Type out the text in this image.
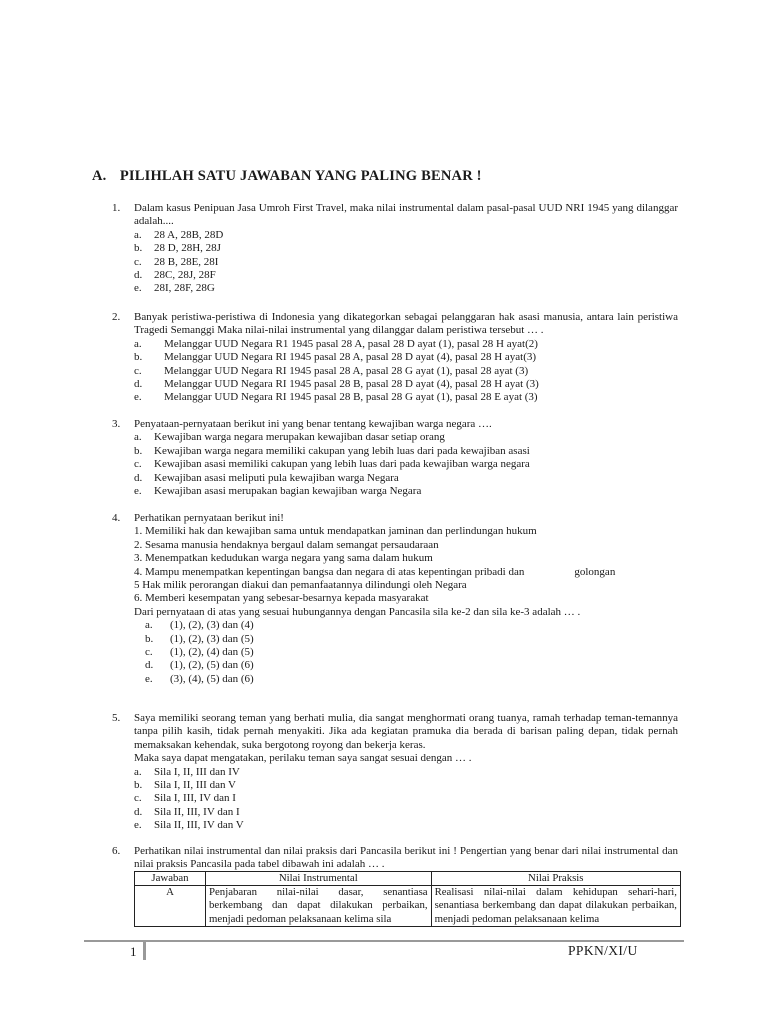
A. PILIHLAH SATU JAWABAN YANG PALING BENAR !
1. Dalam kasus Penipuan Jasa Umroh First Travel, maka nilai instrumental dalam pasal-pasal UUD NRI 1945 yang dilanggar adalah....
a. 28 A, 28B, 28D
b. 28 D, 28H, 28J
c. 28 B, 28E, 28I
d. 28C, 28J, 28F
e. 28I, 28F, 28G
2. Banyak peristiwa-peristiwa di Indonesia yang dikategorkan sebagai pelanggaran hak asasi manusia, antara lain peristiwa Tragedi Semanggi Maka nilai-nilai instrumental yang dilanggar dalam peristiwa tersebut … .
a. Melanggar UUD Negara R1 1945 pasal 28 A, pasal 28 D ayat (1), pasal 28 H ayat(2)
b. Melanggar UUD Negara RI 1945 pasal 28 A, pasal 28 D ayat (4), pasal 28 H ayat(3)
c. Melanggar UUD Negara RI 1945 pasal 28 A, pasal 28 G ayat (1), pasal 28 ayat (3)
d. Melanggar UUD Negara RI 1945 pasal 28 B, pasal 28 D ayat (4), pasal 28 H ayat (3)
e. Melanggar UUD Negara RI 1945 pasal 28 B, pasal 28 G ayat (1), pasal 28 E ayat (3)
3. Penyataan-pernyataan berikut ini yang benar tentang kewajiban warga negara ….
a. Kewajiban warga negara merupakan kewajiban dasar setiap orang
b. Kewajiban warga negara memiliki cakupan yang lebih luas dari pada kewajiban asasi
c. Kewajiban asasi memiliki cakupan yang lebih luas dari pada kewajiban warga negara
d. Kewajiban asasi meliputi pula kewajiban warga Negara
e. Kewajiban asasi merupakan bagian kewajiban warga Negara
4. Perhatikan pernyataan berikut ini!
1. Memiliki hak dan kewajiban sama untuk mendapatkan jaminan dan perlindungan hukum
2. Sesama manusia hendaknya bergaul dalam semangat persaudaraan
3. Menempatkan kedudukan warga negara yang sama dalam hukum
4. Mampu menempatkan kepentingan bangsa dan negara di atas kepentingan pribadi dan	golongan
5 Hak milik perorangan diakui dan pemanfaatannya dilindungi oleh Negara
6. Memberi kesempatan yang sebesar-besarnya kepada masyarakat
Dari pernyataan di atas yang sesuai hubungannya dengan Pancasila sila ke-2 dan sila ke-3 adalah … .
a. (1), (2), (3) dan (4)
b. (1), (2), (3) dan (5)
c. (1), (2), (4) dan (5)
d. (1), (2), (5) dan (6)
e. (3), (4), (5) dan (6)
5. Saya memiliki seorang teman yang berhati mulia, dia sangat menghormati orang tuanya, ramah terhadap teman-temannya tanpa pilih kasih, tidak pernah menyakiti. Jika ada kegiatan pramuka dia berada di barisan paling depan, tidak pernah memaksakan kehendak, suka bergotong royong dan bekerja keras.
Maka saya dapat mengatakan, perilaku teman saya sangat sesuai dengan … .
a. Sila I, II, III dan IV
b. Sila I, II, III dan V
c. Sila I, III, IV dan I
d. Sila II, III, IV dan I
e. Sila II, III, IV dan V
6. Perhatikan nilai instrumental dan nilai praksis dari Pancasila berikut ini ! Pengertian yang benar dari nilai instrumental dan nilai praksis Pancasila pada tabel dibawah ini adalah … .
Jawaban	Nilai Instrumental	Nilai Praksis
A	Penjabaran nilai-nilai dasar, senantiasa berkembang dan dapat dilakukan perbaikan, menjadi pedoman pelaksanaan kelima sila	Realisasi nilai-nilai dalam kehidupan sehari-hari, senantiasa berkembang dan dapat dilakukan perbaikan, menjadi pedoman pelaksanaan kelima
1	PPKN/XI/U
